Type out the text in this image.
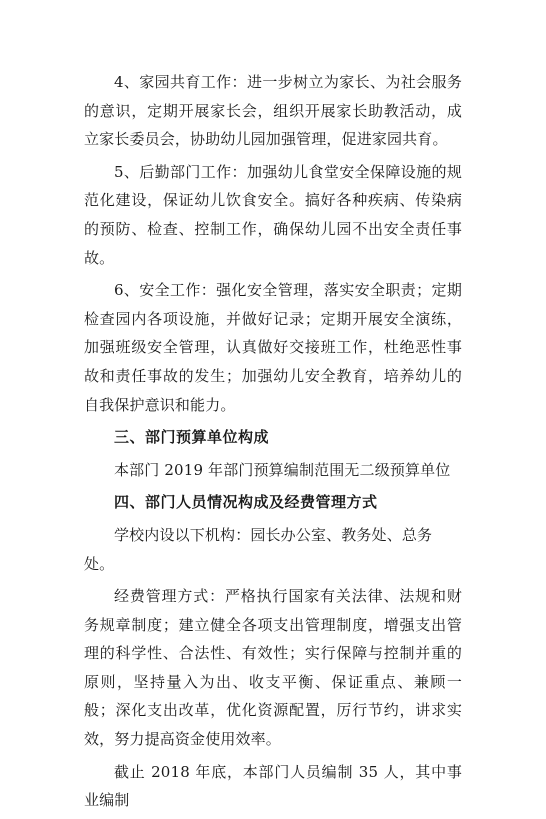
4、家园共育工作：进一步树立为家长、为社会服务的意识，定期开展家长会，组织开展家长助教活动，成立家长委员会，协助幼儿园加强管理，促进家园共育。

5、后勤部门工作：加强幼儿食堂安全保障设施的规范化建设，保证幼儿饮食安全。搞好各种疾病、传染病的预防、检查、控制工作，确保幼儿园不出安全责任事故。

6、安全工作：强化安全管理，落实安全职责；定期检查园内各项设施，并做好记录；定期开展安全演练，加强班级安全管理，认真做好交接班工作，杜绝恶性事故和责任事故的发生；加强幼儿安全教育，培养幼儿的自我保护意识和能力。

三、部门预算单位构成

本部门 2019 年部门预算编制范围无二级预算单位

四、部门人员情况构成及经费管理方式

学校内设以下机构：园长办公室、教务处、总务处。

经费管理方式：严格执行国家有关法律、法规和财务规章制度；建立健全各项支出管理制度，增强支出管理的科学性、合法性、有效性；实行保障与控制并重的原则，坚持量入为出、收支平衡、保证重点、兼顾一般；深化支出改革，优化资源配置，厉行节约，讲求实效，努力提高资金使用效率。

截止 2018 年底，本部门人员编制 35 人，其中事业编制
